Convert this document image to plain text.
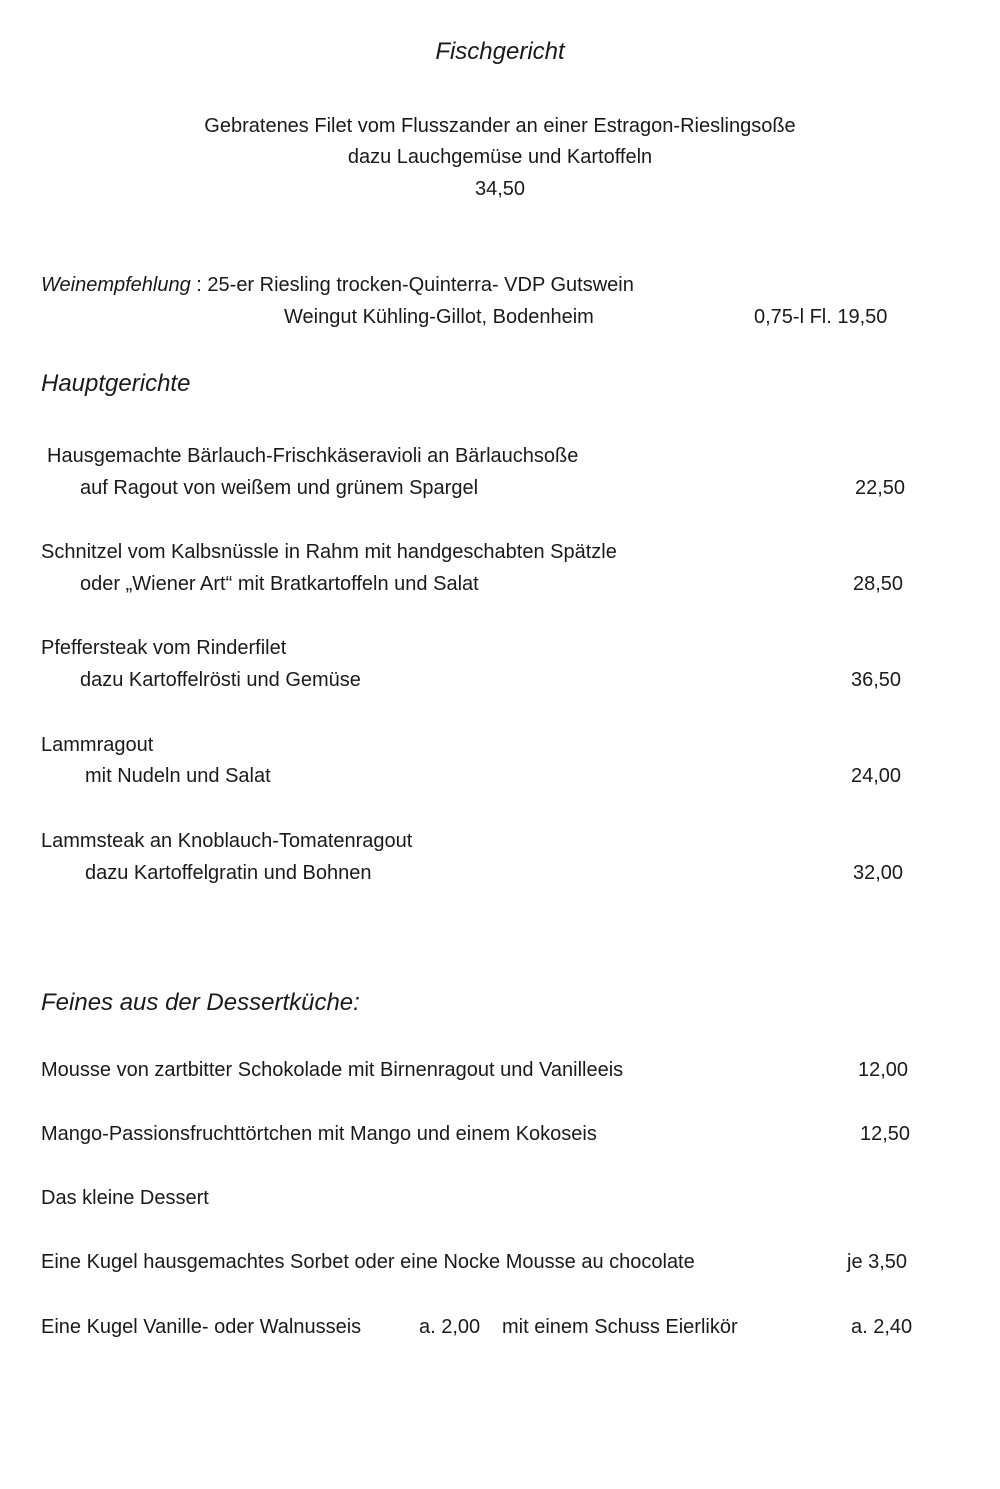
Fischgericht
Gebratenes Filet vom Flusszander an einer Estragon-Rieslingsoße
dazu Lauchgemüse und Kartoffeln
34,50
Weinempfehlung : 25-er Riesling trocken-Quinterra- VDP Gutswein
Weingut Kühling-Gillot, Bodenheim	0,75-l Fl. 19,50
Hauptgerichte
Hausgemachte Bärlauch-Frischkäseravioli an Bärlauchsoße
auf Ragout von weißem und grünem Spargel	22,50
Schnitzel vom Kalbsnüssle in Rahm mit handgeschabten Spätzle
oder „Wiener Art“ mit Bratkartoffeln und Salat	28,50
Pfeffersteak vom Rinderfilet
dazu Kartoffelrösti und Gemüse	36,50
Lammragout
mit Nudeln und Salat	24,00
Lammsteak an Knoblauch-Tomatenragout
dazu Kartoffelgratin und Bohnen	32,00
Feines aus der Dessertküche:
Mousse von zartbitter Schokolade mit Birnenragout und Vanilleeis	12,00
Mango-Passionsfruchttörtchen mit Mango und einem Kokoseis	12,50
Das kleine Dessert
Eine Kugel hausgemachtes Sorbet oder eine Nocke Mousse au chocolate	je 3,50
Eine Kugel Vanille- oder Walnusseis	a. 2,00 mit einem Schuss Eierlikör	a. 2,40
